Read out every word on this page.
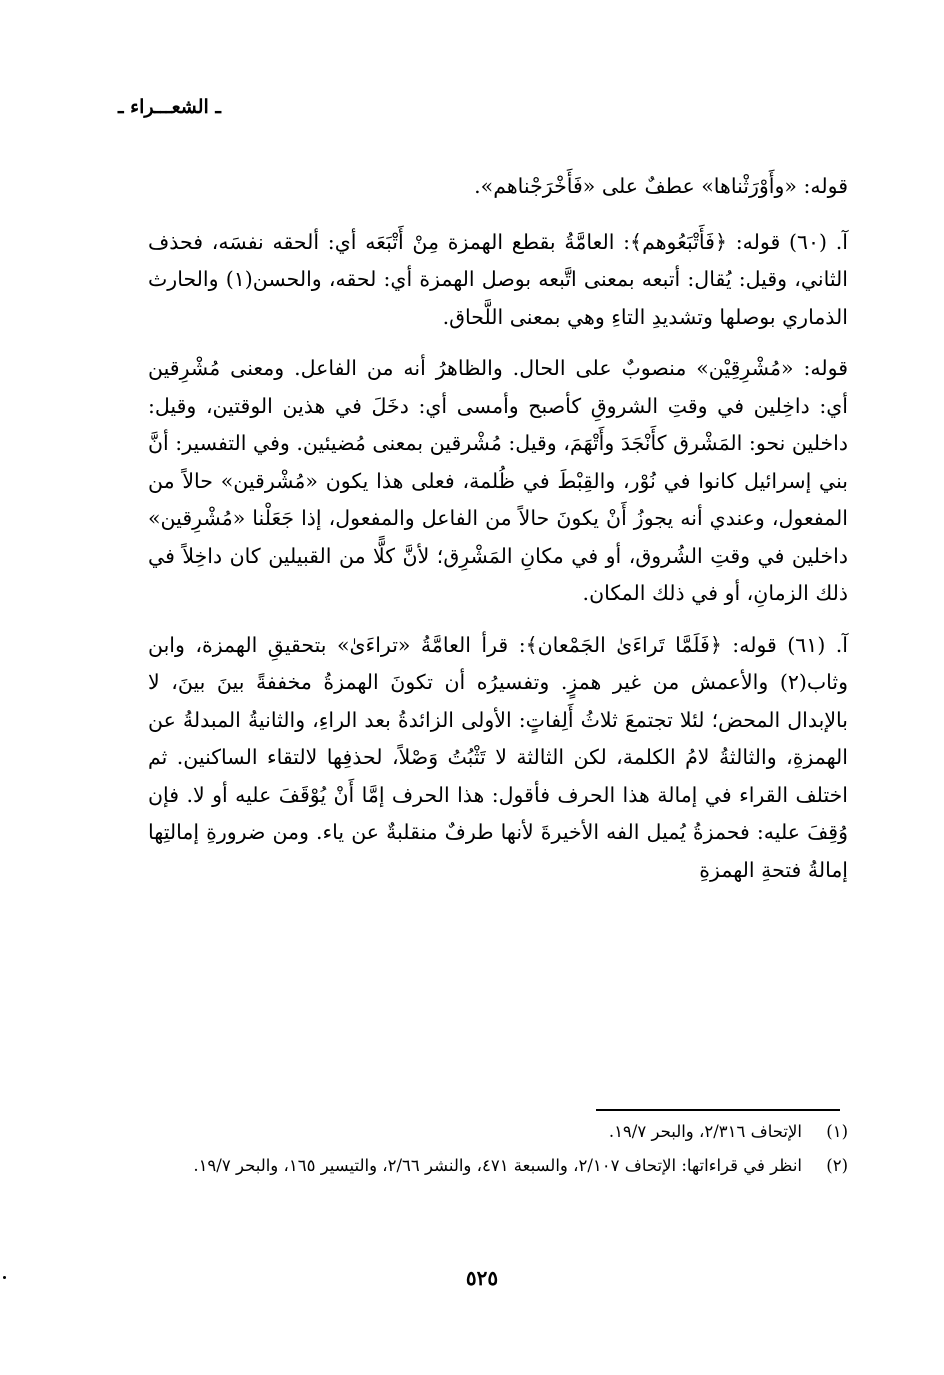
ـ الشعـــراء ـ

قوله: «وأَوْرَثْناها» عطفٌ على «فَأَخْرَجْناهم».

آ. (٦٠) قوله: ﴿فَأَتْبَعُوهم﴾: العامَّةُ بقطع الهمزة مِنْ أَتْبَعَه أي: ألحقه نفسَه، فحذف الثاني، وقيل: يُقال: أتبعه بمعنى اتَّبعه بوصل الهمزة أي: لحقه، والحسن(١) والحارث الذماري بوصلها وتشديدِ التاءِ وهي بمعنى اللَّحاق.

قوله: «مُشْرِقِيْن» منصوبٌ على الحال. والظاهرُ أنه من الفاعل. ومعنى مُشْرِقين أي: داخِلين في وقتِ الشروقِ كأصبح وأمسى أي: دخَلَ في هذين الوقتين، وقيل: داخلين نحو: المَشْرق كأَنْجَدَ وأَتْهَمَ، وقيل: مُشْرقين بمعنى مُضيئين. وفي التفسير: أنَّ بني إسرائيل كانوا في نُوْر، والقِبْطَ في ظُلمة، فعلى هذا يكون «مُشْرقين» حالاً من المفعول، وعندي أنه يجوزُ أَنْ يكونَ حالاً من الفاعل والمفعول، إذا جَعَلْنا «مُشْرِقين» داخلين في وقتِ الشُروق، أو في مكانِ المَشْرِق؛ لأنَّ كلًّا من القبيلين كان داخِلاً في ذلك الزمانِ، أو في ذلك المكان.

آ. (٦١) قوله: ﴿فَلَمَّا تَراءَىٰ الجَمْعان﴾: قرأ العامَّةُ «تراءَىٰ» بتحقيقِ الهمزة، وابن وثاب(٢) والأعمش من غير همزٍ. وتفسيرُه أن تكونَ الهمزةُ مخففةً بينَ بينَ، لا بالإبدال المحض؛ لئلا تجتمعَ ثلاثُ أَلِفاتٍ: الأولى الزائدةُ بعد الراءِ، والثانيةُ المبدلةُ عن الهمزةِ، والثالثةُ لامُ الكلمة، لكن الثالثة لا تَثْبُتُ وَصْلاً، لحذفِها لالتقاء الساكنين. ثم اختلف القراء في إمالة هذا الحرف فأقول: هذا الحرف إمَّا أَنْ يُوْقَفَ عليه أو لا. فإن وُقِفَ عليه: فحمزةُ يُميل الفه الأخيرةَ لأنها طرفٌ منقلبةٌ عن ياء. ومن ضرورةِ إمالتِها إمالةُ فتحةِ الهمزةِ

(١)
الإتحاف ٢/٣١٦، والبحر ١٩/٧.
(٢)
انظر في قراءاتها: الإتحاف ٢/١٠٧، والسبعة ٤٧١، والنشر ٢/٦٦، والتيسير ١٦٥، والبحر ١٩/٧.
٥٢٥
